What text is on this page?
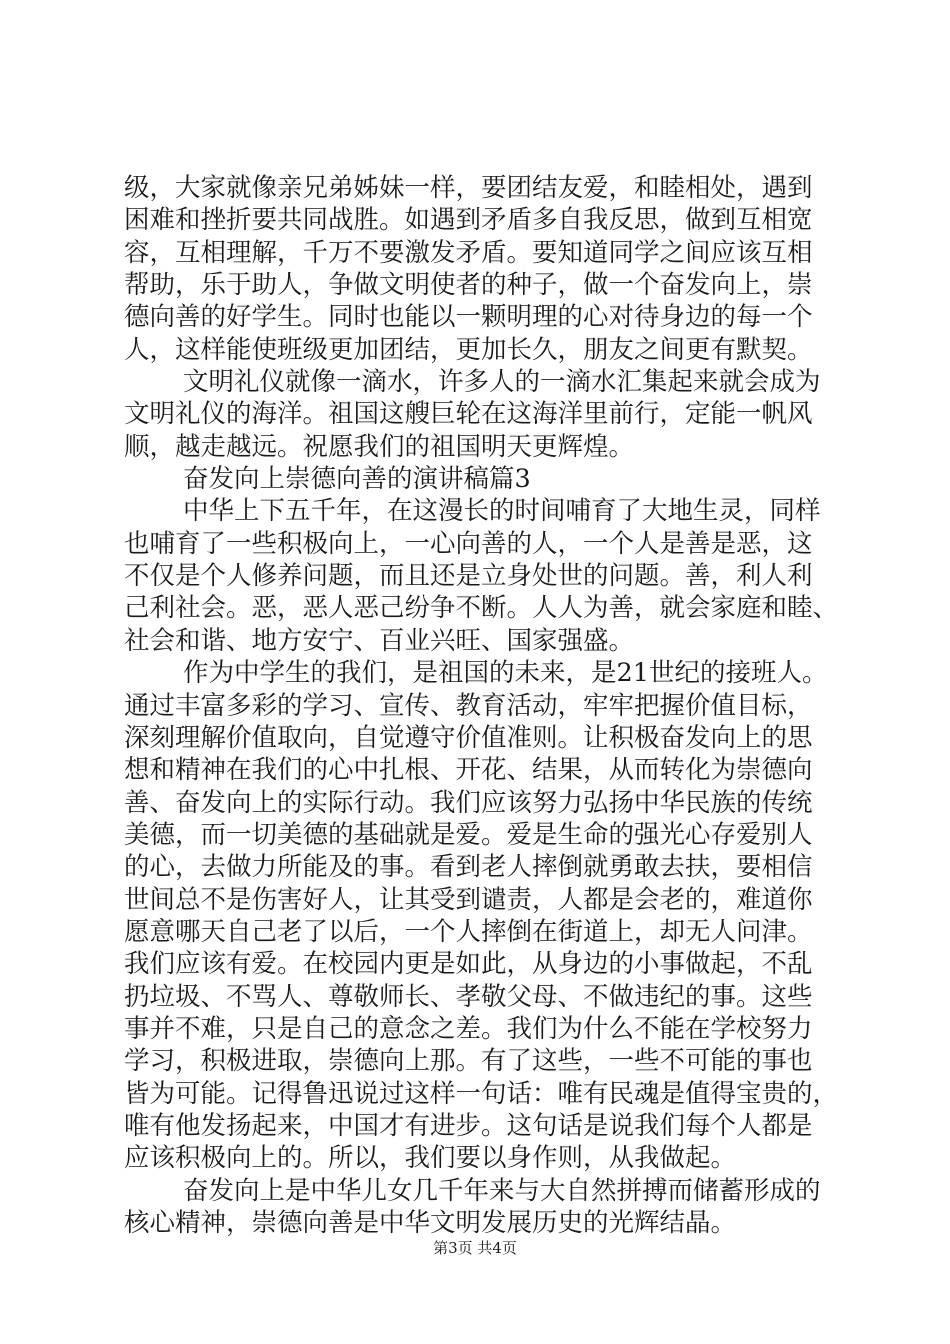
级，大家就像亲兄弟姊妹一样，要团结友爱，和睦相处，遇到
困难和挫折要共同战胜。如遇到矛盾多自我反思，做到互相宽
容，互相理解，千万不要激发矛盾。要知道同学之间应该互相
帮助，乐于助人，争做文明使者的种子，做一个奋发向上，崇
德向善的好学生。同时也能以一颗明理的心对待身边的每一个
人，这样能使班级更加团结，更加长久，朋友之间更有默契。
文明礼仪就像一滴水，许多人的一滴水汇集起来就会成为
文明礼仪的海洋。祖国这艘巨轮在这海洋里前行，定能一帆风
顺，越走越远。祝愿我们的祖国明天更辉煌。
奋发向上崇德向善的演讲稿篇3
中华上下五千年，在这漫长的时间哺育了大地生灵，同样
也哺育了一些积极向上，一心向善的人，一个人是善是恶，这
不仅是个人修养问题，而且还是立身处世的问题。善，利人利
己利社会。恶，恶人恶己纷争不断。人人为善，就会家庭和睦、
社会和谐、地方安宁、百业兴旺、国家强盛。
作为中学生的我们，是祖国的未来，是21世纪的接班人。
通过丰富多彩的学习、宣传、教育活动，牢牢把握价值目标，
深刻理解价值取向，自觉遵守价值准则。让积极奋发向上的思
想和精神在我们的心中扎根、开花、结果，从而转化为崇德向
善、奋发向上的实际行动。我们应该努力弘扬中华民族的传统
美德，而一切美德的基础就是爱。爱是生命的强光心存爱别人
的心，去做力所能及的事。看到老人摔倒就勇敢去扶，要相信
世间总不是伤害好人，让其受到谴责，人都是会老的，难道你
愿意哪天自己老了以后，一个人摔倒在街道上，却无人问津。
我们应该有爱。在校园内更是如此，从身边的小事做起，不乱
扔垃圾、不骂人、尊敬师长、孝敬父母、不做违纪的事。这些
事并不难，只是自己的意念之差。我们为什么不能在学校努力
学习，积极进取，崇德向上那。有了这些，一些不可能的事也
皆为可能。记得鲁迅说过这样一句话：唯有民魂是值得宝贵的，
唯有他发扬起来，中国才有进步。这句话是说我们每个人都是
应该积极向上的。所以，我们要以身作则，从我做起。
奋发向上是中华儿女几千年来与大自然拼搏而储蓄形成的
核心精神，崇德向善是中华文明发展历史的光辉结晶。
第3页 共4页
